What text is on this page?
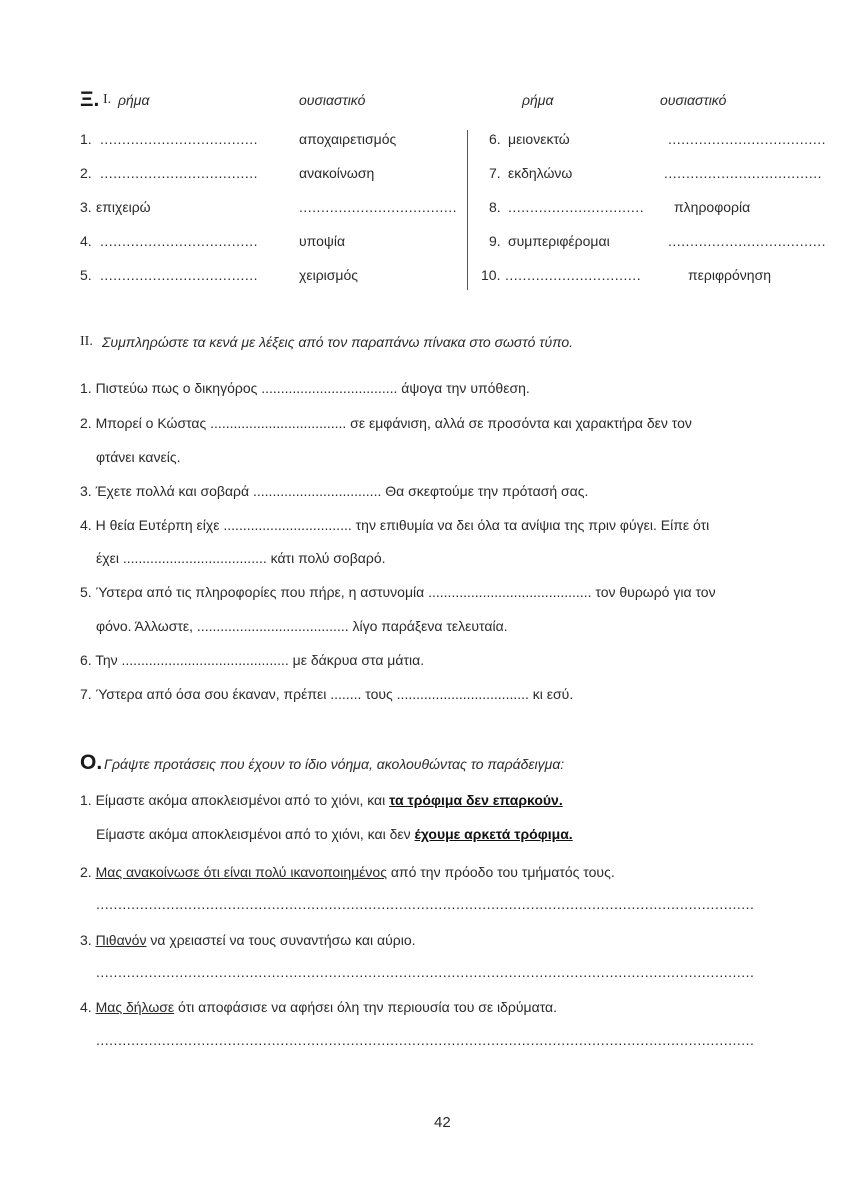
Ξ. I. ρήμα	ουσιαστικό	ρήμα	ουσιαστικό
1. ....................................	αποχαιρετισμός
2. ....................................	ανακοίνωση
3. επιχειρώ	....................................
4. ....................................	υποψία
5. ....................................	χειρισμός
6. μειονεκτώ	....................................
7. εκδηλώνω	....................................
8. ............................... πληροφορία
9. συμπεριφέρομαι	....................................
10. ...............................	περιφρόνηση
II. Συμπληρώστε τα κενά με λέξεις από τον παραπάνω πίνακα στο σωστό τύπο.
1. Πιστεύω πως ο δικηγόρος ................................... άψογα την υπόθεση.
2. Μπορεί ο Κώστας ................................... σε εμφάνιση, αλλά σε προσόντα και χαρακτήρα δεν τον
φτάνει κανείς.
3. Έχετε πολλά και σοβαρά ................................. Θα σκεφτούμε την πρότασή σας.
4. Η θεία Ευτέρπη είχε ................................. την επιθυμία να δει όλα τα ανίψια της πριν φύγει. Είπε ότι
έχει ..................................... κάτι πολύ σοβαρό.
5. Ύστερα από τις πληροφορίες που πήρε, η αστυνομία .......................................... τον θυρωρό για τον
φόνο. Άλλωστε, ....................................... λίγο παράξενα τελευταία.
6. Την ........................................... με δάκρυα στα μάτια.
7. Ύστερα από όσα σου έκαναν, πρέπει ........ τους .................................. κι εσύ.
Ο. Γράψτε προτάσεις που έχουν το ίδιο νόημα, ακολουθώντας το παράδειγμα:
1. Είμαστε ακόμα αποκλεισμένοι από το χιόνι, και τα τρόφιμα δεν επαρκούν.
Είμαστε ακόμα αποκλεισμένοι από το χιόνι, και δεν έχουμε αρκετά τρόφιμα.
2. Μας ανακοίνωσε ότι είναι πολύ ικανοποιημένος από την πρόοδο του τμήματός τους.
......................................................................................................................................................
3. Πιθανόν να χρειαστεί να τους συναντήσω και αύριο.
......................................................................................................................................................
4. Μας δήλωσε ότι αποφάσισε να αφήσει όλη την περιουσία του σε ιδρύματα.
......................................................................................................................................................
42
